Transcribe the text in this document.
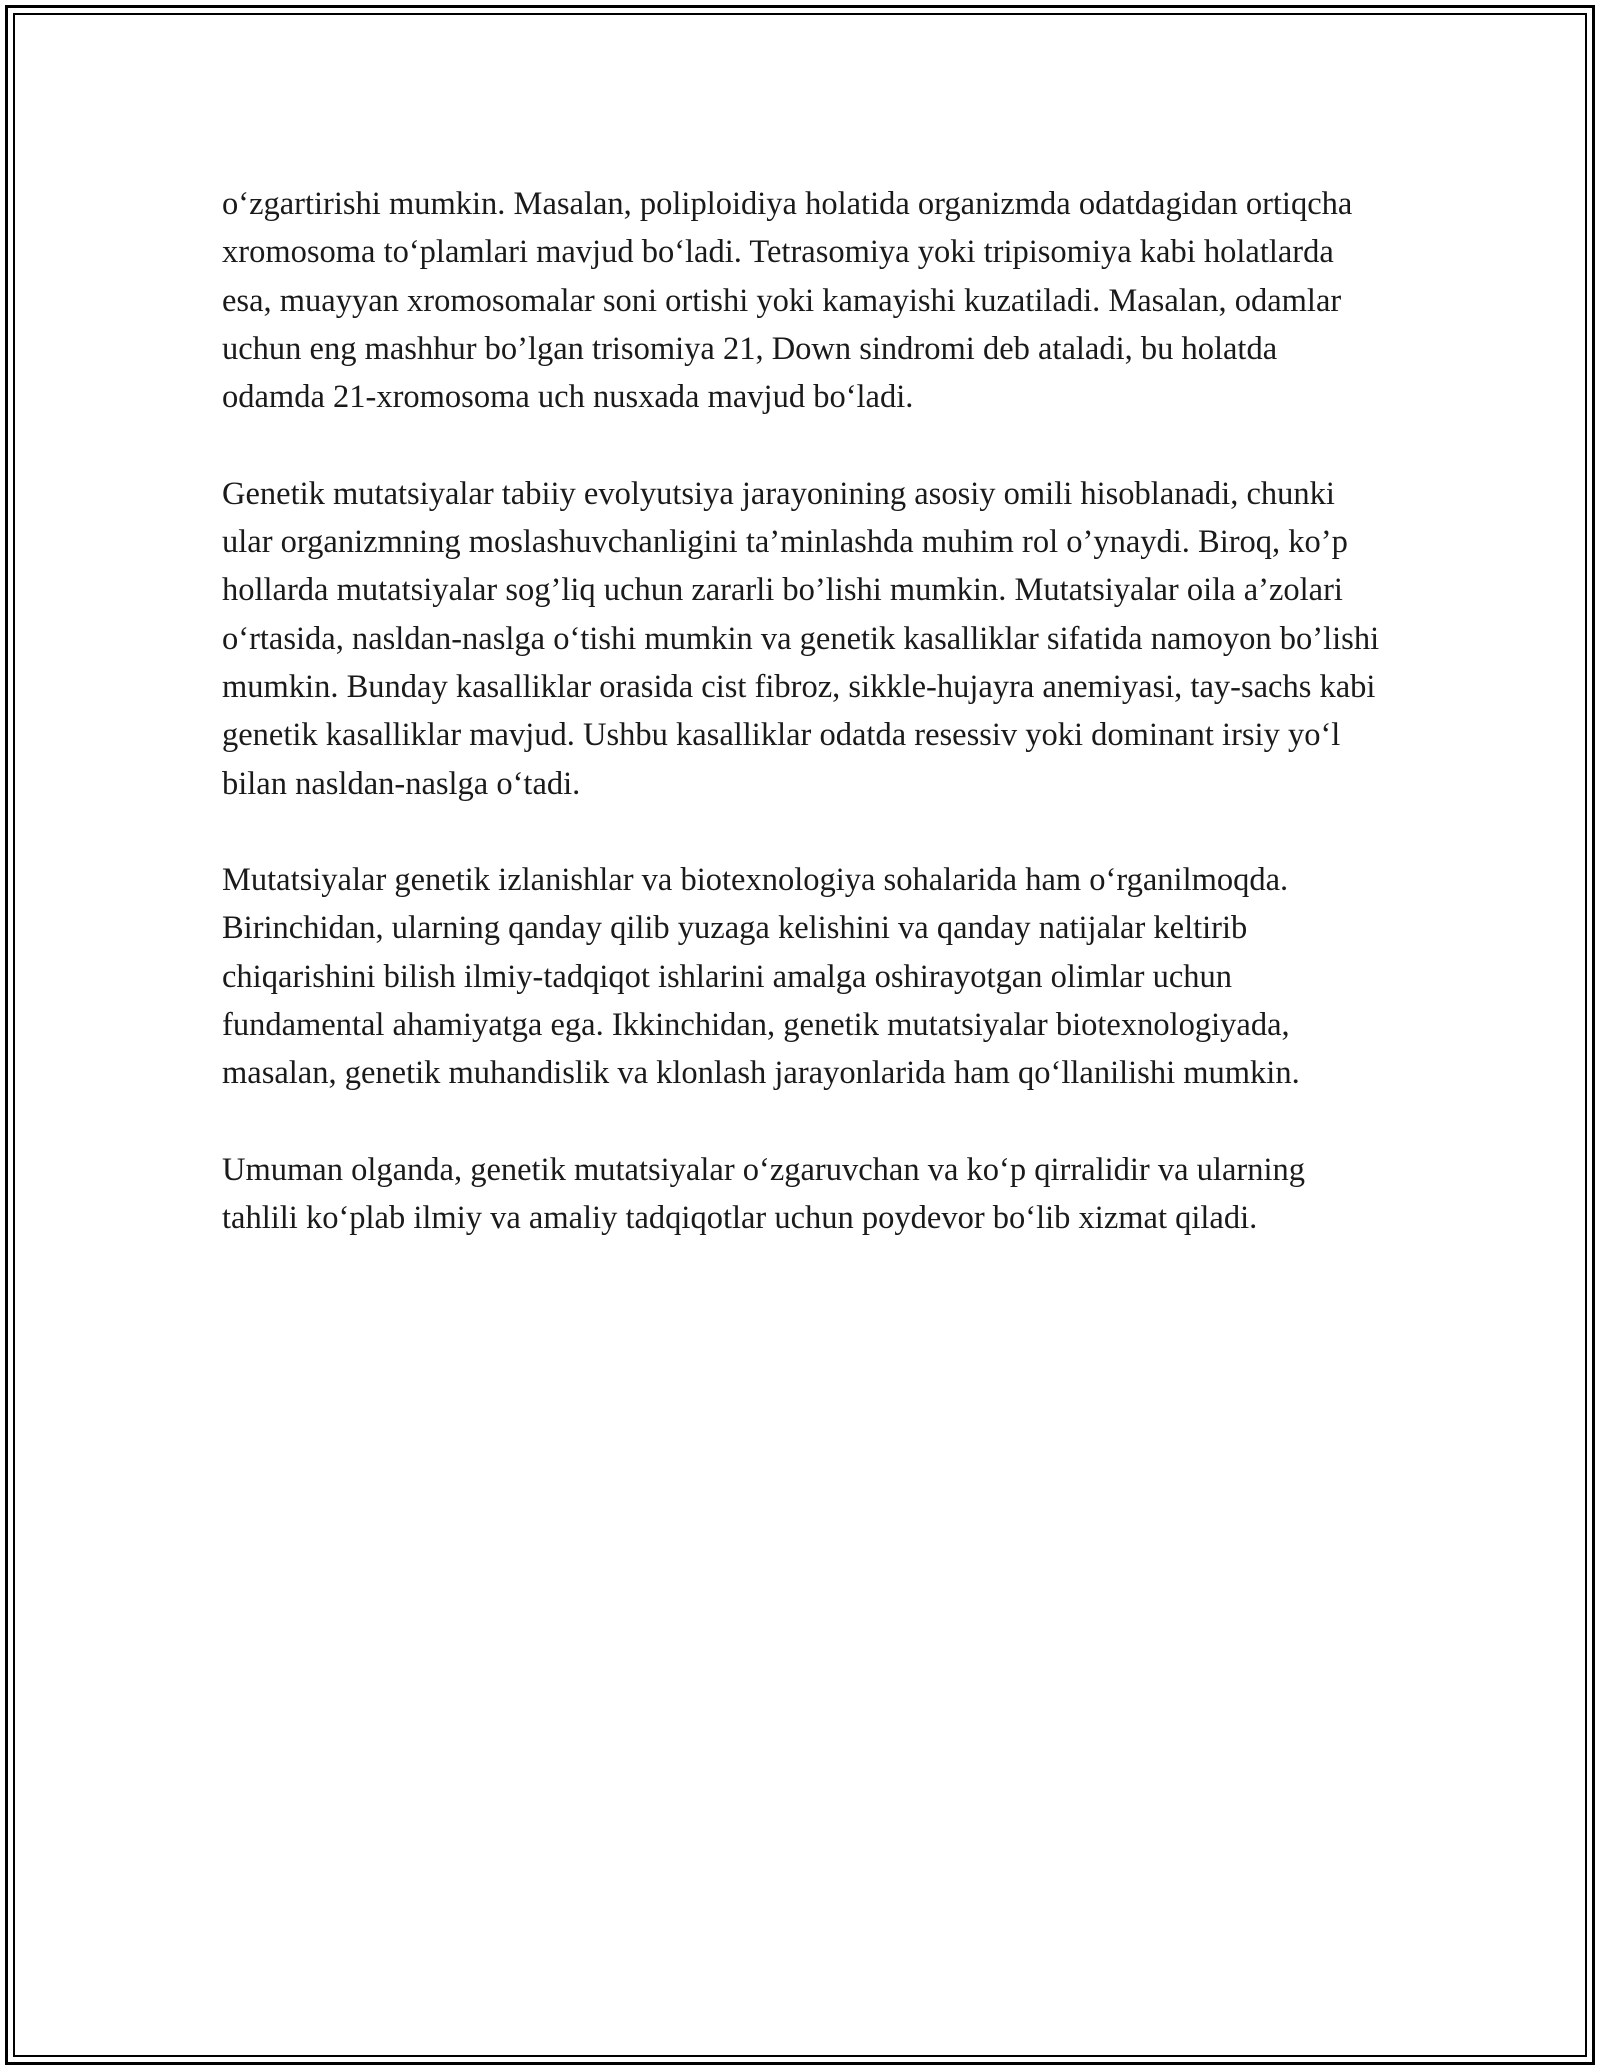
o‘zgartirishi mumkin. Masalan, poliploidiya holatida organizmda odatdagidan ortiqcha xromosoma to‘plamlari mavjud bo‘ladi. Tetrasomiya yoki tripisomiya kabi holatlarda esa, muayyan xromosomalar soni ortishi yoki kamayishi kuzatiladi. Masalan, odamlar uchun eng mashhur bo’lgan trisomiya 21, Down sindromi deb ataladi, bu holatda odamda 21-xromosoma uch nusxada mavjud bo‘ladi.

Genetik mutatsiyalar tabiiy evolyutsiya jarayonining asosiy omili hisoblanadi, chunki ular organizmning moslashuvchanligini ta’minlashda muhim rol o’ynaydi. Biroq, ko’p hollarda mutatsiyalar sog’liq uchun zararli bo’lishi mumkin. Mutatsiyalar oila a’zolari o‘rtasida, nasldan-naslga o‘tishi mumkin va genetik kasalliklar sifatida namoyon bo’lishi mumkin. Bunday kasalliklar orasida cist fibroz, sikkle-hujayra anemiyasi, tay-sachs kabi genetik kasalliklar mavjud. Ushbu kasalliklar odatda resessiv yoki dominant irsiy yo‘l bilan nasldan-naslga o‘tadi.

Mutatsiyalar genetik izlanishlar va biotexnologiya sohalarida ham o‘rganilmoqda. Birinchidan, ularning qanday qilib yuzaga kelishini va qanday natijalar keltirib chiqarishini bilish ilmiy-tadqiqot ishlarini amalga oshirayotgan olimlar uchun fundamental ahamiyatga ega. Ikkinchidan, genetik mutatsiyalar biotexnologiyada, masalan, genetik muhandislik va klonlash jarayonlarida ham qo‘llanilishi mumkin.

Umuman olganda, genetik mutatsiyalar o‘zgaruvchan va ko‘p qirralidir va ularning tahlili ko‘plab ilmiy va amaliy tadqiqotlar uchun poydevor bo‘lib xizmat qiladi.
